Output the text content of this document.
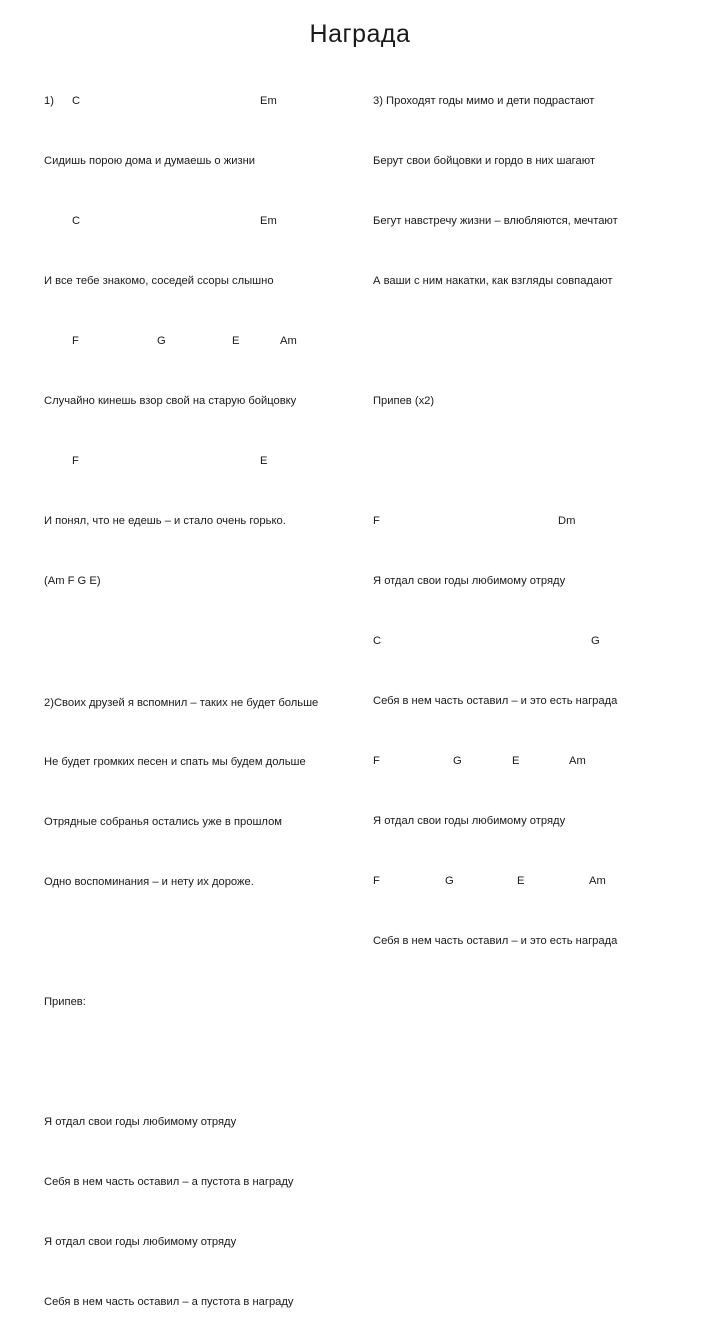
Награда

1)

C

	Em

Сидишь порою дома и думаешь о жизни

C

	Em

И все тебе знакомо, соседей ссоры слышно

F

	G

	E

	Am

Случайно кинешь взор свой на старую бойцовку

F

	E

И понял, что не едешь – и стало очень горько.

(Am F G E)

2)Своих друзей я вспомнил – таких не будет больше

Не будет громких песен и спать мы будем дольше

Отрядные собранья остались уже в прошлом

Одно воспоминания – и нету их дороже.

Припев:

Я отдал свои годы любимому отряду

Себя в нем часть оставил – а пустота в награду

Я отдал свои годы любимому отряду

Себя в нем часть оставил – а пустота в награду

3) Проходят годы мимо и дети подрастают

Берут свои бойцовки и гордо в них шагают

Бегут навстречу жизни – влюбляются, мечтают

А ваши с ним накатки, как взгляды совпадают

Припев (х2)

F

	Dm

Я отдал свои годы любимому отряду

C

	G

Себя в нем часть оставил – и это есть награда

F

	G

	E

	Am

Я отдал свои годы любимому отряду

F

	G

	E

	Am

Себя в нем часть оставил – и это есть награда
